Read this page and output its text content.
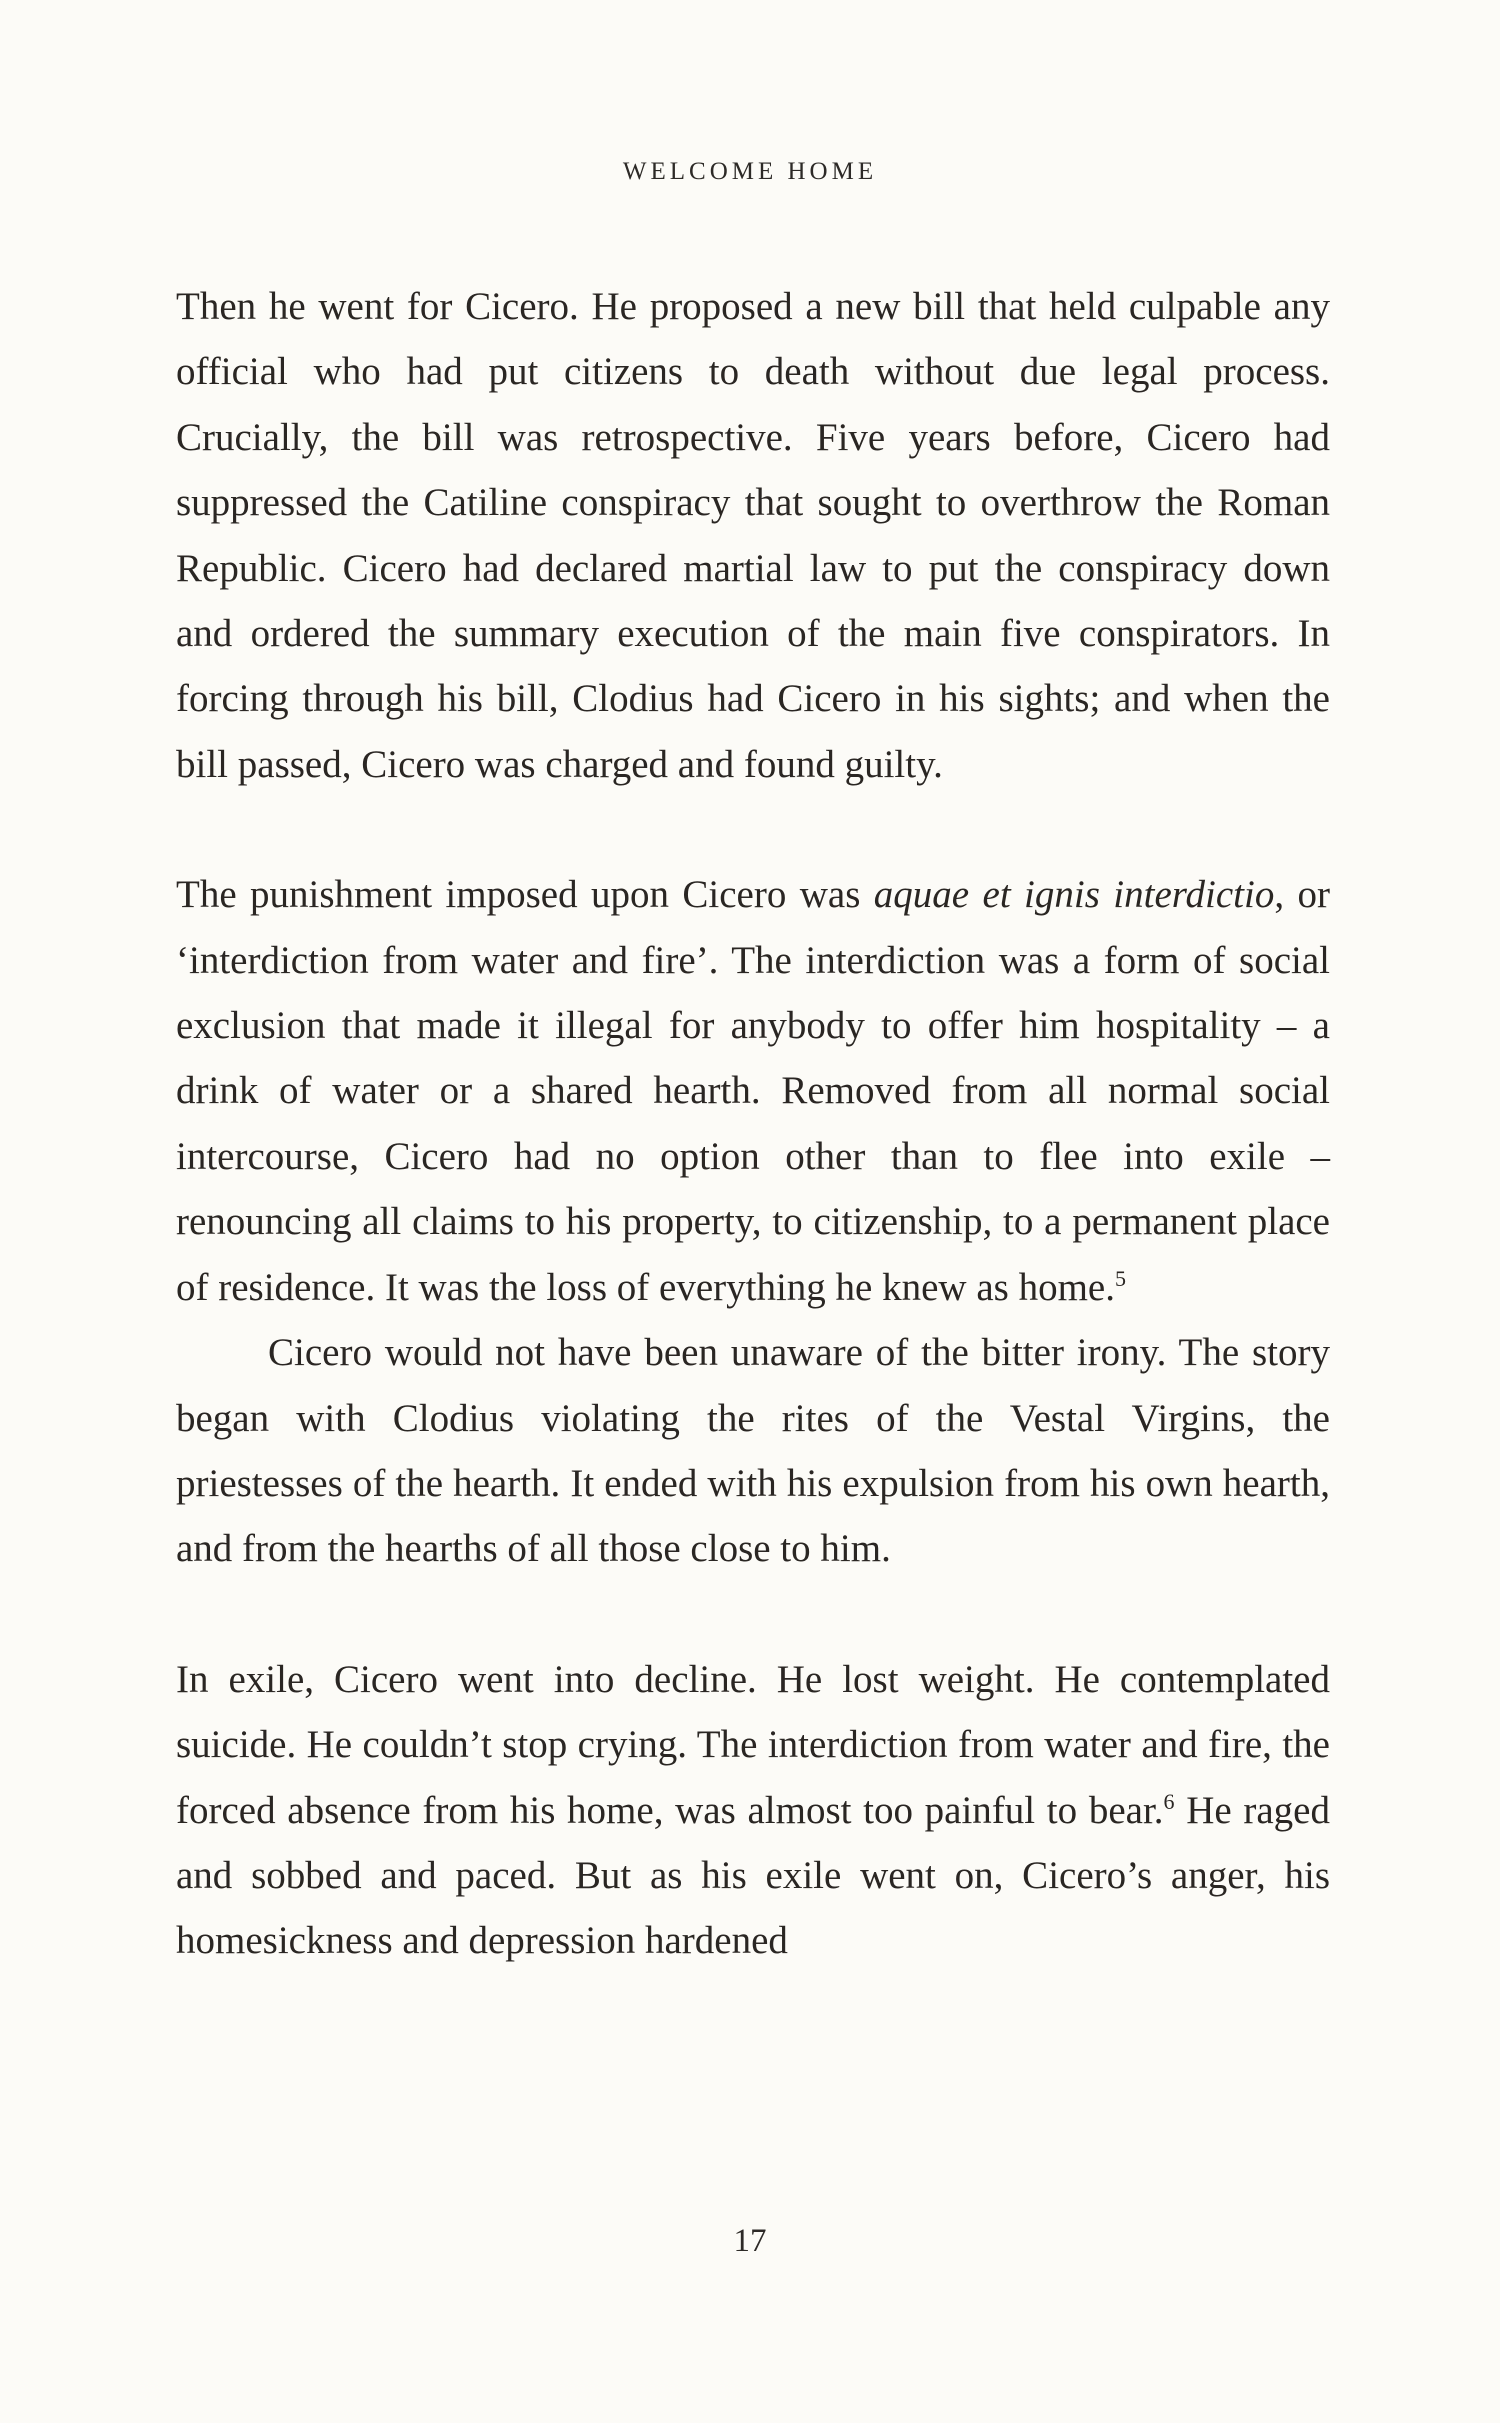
WELCOME HOME

Then he went for Cicero. He proposed a new bill that held culpable any official who had put citizens to death without due legal process. Crucially, the bill was retrospective. Five years before, Cicero had suppressed the Catiline conspiracy that sought to overthrow the Roman Republic. Cicero had declared martial law to put the conspiracy down and ordered the summary execution of the main five conspirators. In forcing through his bill, Clodius had Cicero in his sights; and when the bill passed, Cicero was charged and found guilty.

The punishment imposed upon Cicero was aquae et ignis interdictio, or ‘interdiction from water and fire’. The interdiction was a form of social exclusion that made it illegal for anybody to offer him hospitality – a drink of water or a shared hearth. Removed from all normal social intercourse, Cicero had no option other than to flee into exile – renouncing all claims to his property, to citizenship, to a permanent place of residence. It was the loss of everything he knew as home.$^5$

Cicero would not have been unaware of the bitter irony. The story began with Clodius violating the rites of the Vestal Virgins, the priestesses of the hearth. It ended with his expulsion from his own hearth, and from the hearths of all those close to him.

In exile, Cicero went into decline. He lost weight. He contemplated suicide. He couldn’t stop crying. The interdiction from water and fire, the forced absence from his home, was almost too painful to bear.$^6$ He raged and sobbed and paced. But as his exile went on, Cicero’s anger, his homesickness and depression hardened

17
